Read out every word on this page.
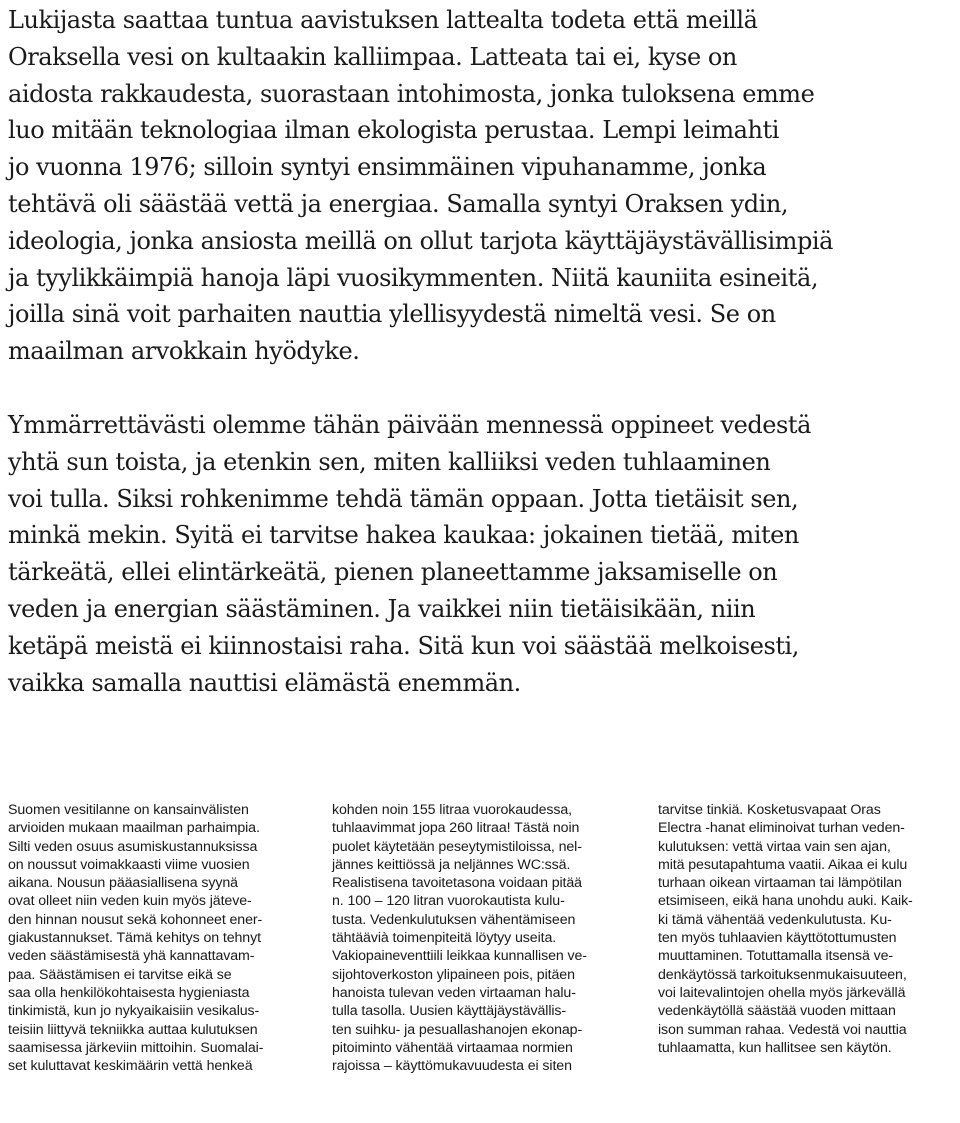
Lukijasta saattaa tuntua aavistuksen lattealta todeta että meillä
Oraksella vesi on kultaakin kalliimpaa. Latteata tai ei, kyse on
aidosta rakkaudesta, suorastaan intohimosta, jonka tuloksena emme
luo mitään teknologiaa ilman ekologista perustaa. Lempi leimahti
jo vuonna 1976; silloin syntyi ensimmäinen vipuhanamme, jonka
tehtävä oli säästää vettä ja energiaa. Samalla syntyi Oraksen ydin,
ideologia, jonka ansiosta meillä on ollut tarjota käyttäjäystävällisimpiä
ja tyylikkäimpiä hanoja läpi vuosikymmenten. Niitä kauniita esineitä,
joilla sinä voit parhaiten nauttia ylellisyydestä nimeltä vesi. Se on
maailman arvokkain hyödyke.

Ymmärrettävästi olemme tähän päivään mennessä oppineet vedestä
yhtä sun toista, ja etenkin sen, miten kalliiksi veden tuhlaaminen
voi tulla. Siksi rohkenimme tehdä tämän oppaan. Jotta tietäisit sen,
minkä mekin. Syitä ei tarvitse hakea kaukaa: jokainen tietää, miten
tärkeätä, ellei elintärkeätä, pienen planeettamme jaksamiselle on
veden ja energian säästäminen. Ja vaikkei niin tietäisikään, niin
ketäpä meistä ei kiinnostaisi raha. Sitä kun voi säästää melkoisesti,
vaikka samalla nauttisi elämästä enemmän.

Suomen vesitilanne on kansainvälisten
arvioiden mukaan maailman parhaimpia.
Silti veden osuus asumiskustannuksissa
on noussut voimakkaasti viime vuosien
aikana. Nousun pääasiallisena syynä
ovat olleet niin veden kuin myös jäteve-
den hinnan nousut sekä kohonneet ener-
giakustannukset. Tämä kehitys on tehnyt
veden säästämisestä yhä kannattavam-
paa. Säästämisen ei tarvitse eikä se
saa olla henkilökohtaisesta hygieniasta
tinkimistä, kun jo nykyaikaisiin vesikalus-
teisiin liittyvä tekniikka auttaa kulutuksen
saamisessa järkeviin mittoihin. Suomalai-
set kuluttavat keskimäärin vettä henkeä
kohden noin 155 litraa vuorokaudessa,
tuhlaavimmat jopa 260 litraa! Tästä noin
puolet käytetään peseytymistiloissa, nel-
jännes keittiössä ja neljännes WC:ssä.
Realistisena tavoitetasona voidaan pitää
n. 100 – 120 litran vuorokautista kulu-
tusta. Vedenkulutuksen vähentämiseen
tähtäävià toimenpiteitä löytyy useita.
Vakiopaineventtiili leikkaa kunnallisen ve-
sijohtoverkoston ylipaineen pois, pitäen
hanoista tulevan veden virtaaman halu-
tulla tasolla. Uusien käyttäjäystävällis-
ten suihku- ja pesuallashanojen ekonap-
pitoiminto vähentää virtaamaa normien
rajoissa – käyttömukavuudesta ei siten
tarvitse tinkiä. Kosketusvapaat Oras
Electra -hanat eliminoivat turhan veden-
kulutuksen: vettä virtaa vain sen ajan,
mitä pesutapahtuma vaatii. Aikaa ei kulu
turhaan oikean virtaaman tai lämpötilan
etsimiseen, eikä hana unohdu auki. Kaik-
ki tämä vähentää vedenkulutusta. Ku-
ten myös tuhlaavien käyttötottumusten
muuttaminen. Totuttamalla itsensä ve-
denkäytössä tarkoituksenmukaisuuteen,
voi laitevalintojen ohella myös järkevällä
vedenkäytöllä säästää vuoden mittaan
ison summan rahaa. Vedestä voi nauttia
tuhlaamatta, kun hallitsee sen käytön.
